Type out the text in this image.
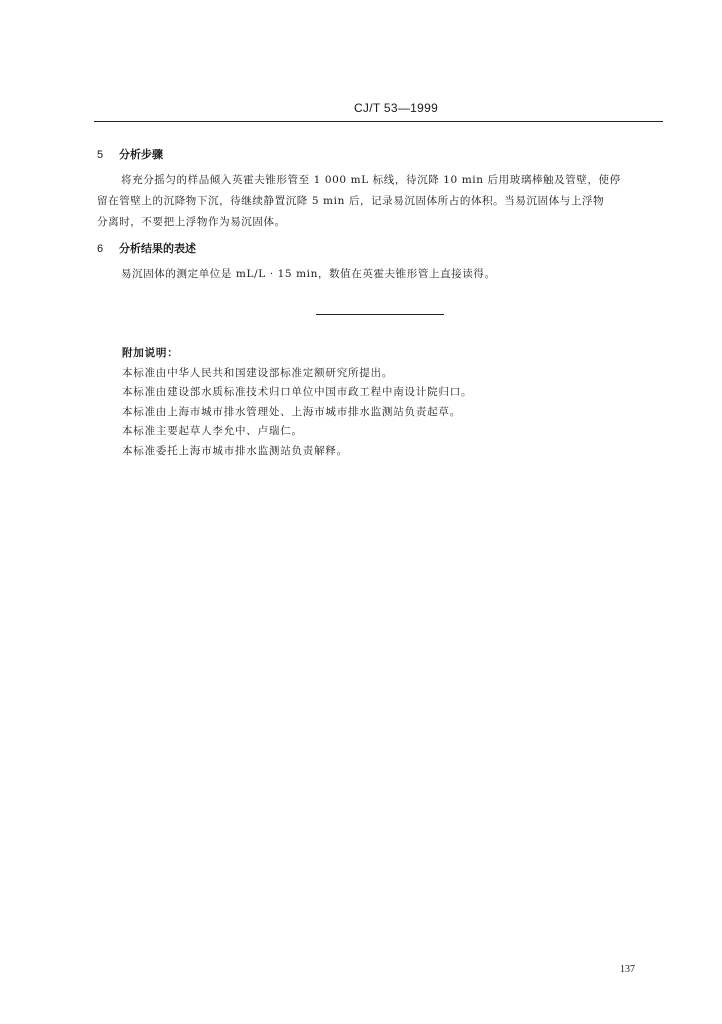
CJ/T 53—1999
5 分析步骤
将充分摇匀的样品倾入英霍夫锥形管至 1 000 mL 标线，待沉降 10 min 后用玻璃棒触及管壁，使停
留在管壁上的沉降物下沉，待继续静置沉降 5 min 后，记录易沉固体所占的体积。当易沉固体与上浮物
分离时，不要把上浮物作为易沉固体。
6 分析结果的表述
易沉固体的测定单位是 mL/L · 15 min，数值在英霍夫锥形管上直接读得。
附加说明：
本标准由中华人民共和国建设部标准定额研究所提出。
本标准由建设部水质标准技术归口单位中国市政工程中南设计院归口。
本标准由上海市城市排水管理处、上海市城市排水监测站负责起草。
本标准主要起草人李允中、卢瑞仁。
本标准委托上海市城市排水监测站负责解释。
137
